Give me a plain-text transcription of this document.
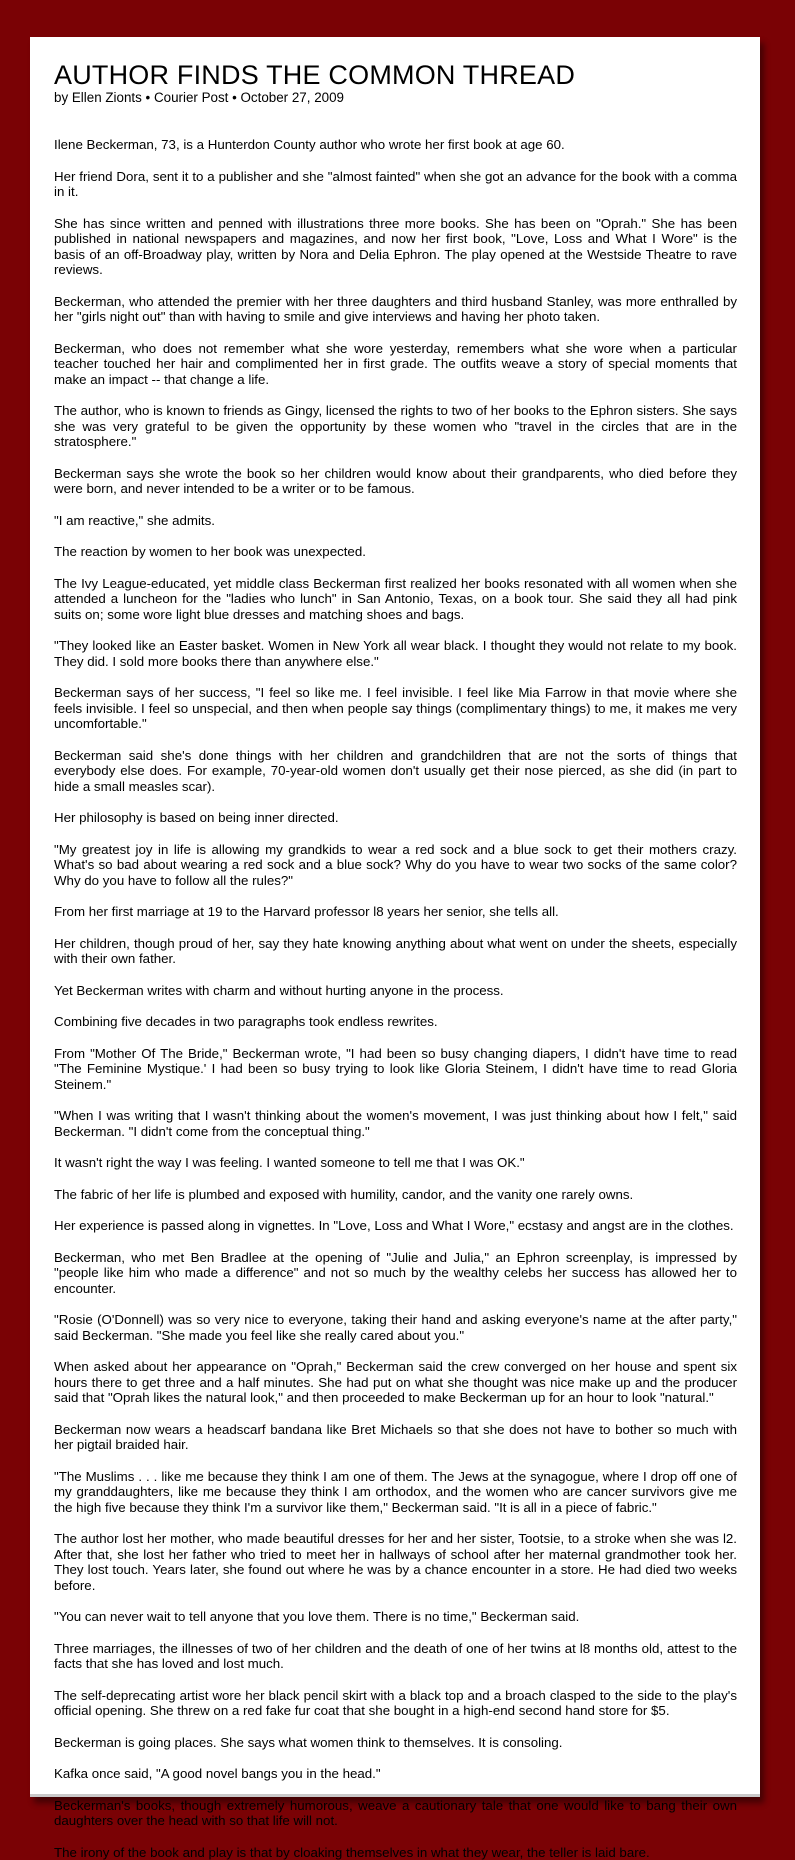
AUTHOR FINDS THE COMMON THREAD
by Ellen Zionts • Courier Post • October 27, 2009

Ilene Beckerman, 73, is a Hunterdon County author who wrote her first book at age 60.

Her friend Dora, sent it to a publisher and she "almost fainted" when she got an advance for the book with a comma in it.

She has since written and penned with illustrations three more books. She has been on "Oprah." She has been published in national newspapers and magazines, and now her first book, "Love, Loss and What I Wore" is the basis of an off-Broadway play, written by Nora and Delia Ephron. The play opened at the Westside Theatre to rave reviews.

Beckerman, who attended the premier with her three daughters and third husband Stanley, was more enthralled by her "girls night out" than with having to smile and give interviews and having her photo taken.

Beckerman, who does not remember what she wore yesterday, remembers what she wore when a particular teacher touched her hair and complimented her in first grade. The outfits weave a story of special moments that make an impact -- that change a life.

The author, who is known to friends as Gingy, licensed the rights to two of her books to the Ephron sisters. She says she was very grateful to be given the opportunity by these women who "travel in the circles that are in the stratosphere."

Beckerman says she wrote the book so her children would know about their grandparents, who died before they were born, and never intended to be a writer or to be famous.

"I am reactive," she admits.

The reaction by women to her book was unexpected.

The Ivy League-educated, yet middle class Beckerman first realized her books resonated with all women when she attended a luncheon for the "ladies who lunch" in San Antonio, Texas, on a book tour. She said they all had pink suits on; some wore light blue dresses and matching shoes and bags.

"They looked like an Easter basket. Women in New York all wear black. I thought they would not relate to my book. They did. I sold more books there than anywhere else."

Beckerman says of her success, "I feel so like me. I feel invisible. I feel like Mia Farrow in that movie where she feels invisible. I feel so unspecial, and then when people say things (complimentary things) to me, it makes me very uncomfortable."

Beckerman said she's done things with her children and grandchildren that are not the sorts of things that everybody else does. For example, 70-year-old women don't usually get their nose pierced, as she did (in part to hide a small measles scar).

Her philosophy is based on being inner directed.

"My greatest joy in life is allowing my grandkids to wear a red sock and a blue sock to get their mothers crazy. What's so bad about wearing a red sock and a blue sock? Why do you have to wear two socks of the same color? Why do you have to follow all the rules?"

From her first marriage at 19 to the Harvard professor l8 years her senior, she tells all.

Her children, though proud of her, say they hate knowing anything about what went on under the sheets, especially with their own father.

Yet Beckerman writes with charm and without hurting anyone in the process.

Combining five decades in two paragraphs took endless rewrites.

From "Mother Of The Bride," Beckerman wrote, "I had been so busy changing diapers, I didn't have time to read "The Feminine Mystique.' I had been so busy trying to look like Gloria Steinem, I didn't have time to read Gloria Steinem."

"When I was writing that I wasn't thinking about the women's movement, I was just thinking about how I felt," said Beckerman. "I didn't come from the conceptual thing."

It wasn't right the way I was feeling. I wanted someone to tell me that I was OK."

The fabric of her life is plumbed and exposed with humility, candor, and the vanity one rarely owns.

Her experience is passed along in vignettes. In "Love, Loss and What I Wore," ecstasy and angst are in the clothes.

Beckerman, who met Ben Bradlee at the opening of "Julie and Julia," an Ephron screenplay, is impressed by "people like him who made a difference" and not so much by the wealthy celebs her success has allowed her to encounter.

"Rosie (O'Donnell) was so very nice to everyone, taking their hand and asking everyone's name at the after party," said Beckerman. "She made you feel like she really cared about you."

When asked about her appearance on "Oprah," Beckerman said the crew converged on her house and spent six hours there to get three and a half minutes. She had put on what she thought was nice make up and the producer said that "Oprah likes the natural look," and then proceeded to make Beckerman up for an hour to look "natural."

Beckerman now wears a headscarf bandana like Bret Michaels so that she does not have to bother so much with her pigtail braided hair.

"The Muslims . . . like me because they think I am one of them. The Jews at the synagogue, where I drop off one of my granddaughters, like me because they think I am orthodox, and the women who are cancer survivors give me the high five because they think I'm a survivor like them," Beckerman said. "It is all in a piece of fabric."

The author lost her mother, who made beautiful dresses for her and her sister, Tootsie, to a stroke when she was l2. After that, she lost her father who tried to meet her in hallways of school after her maternal grandmother took her. They lost touch. Years later, she found out where he was by a chance encounter in a store. He had died two weeks before.

"You can never wait to tell anyone that you love them. There is no time," Beckerman said.

Three marriages, the illnesses of two of her children and the death of one of her twins at l8 months old, attest to the facts that she has loved and lost much.

The self-deprecating artist wore her black pencil skirt with a black top and a broach clasped to the side to the play's official opening. She threw on a red fake fur coat that she bought in a high-end second hand store for $5.

Beckerman is going places. She says what women think to themselves. It is consoling.

Kafka once said, "A good novel bangs you in the head."

Beckerman's books, though extremely humorous, weave a cautionary tale that one would like to bang their own daughters over the head with so that life will not.

The irony of the book and play is that by cloaking themselves in what they wear, the teller is laid bare.
